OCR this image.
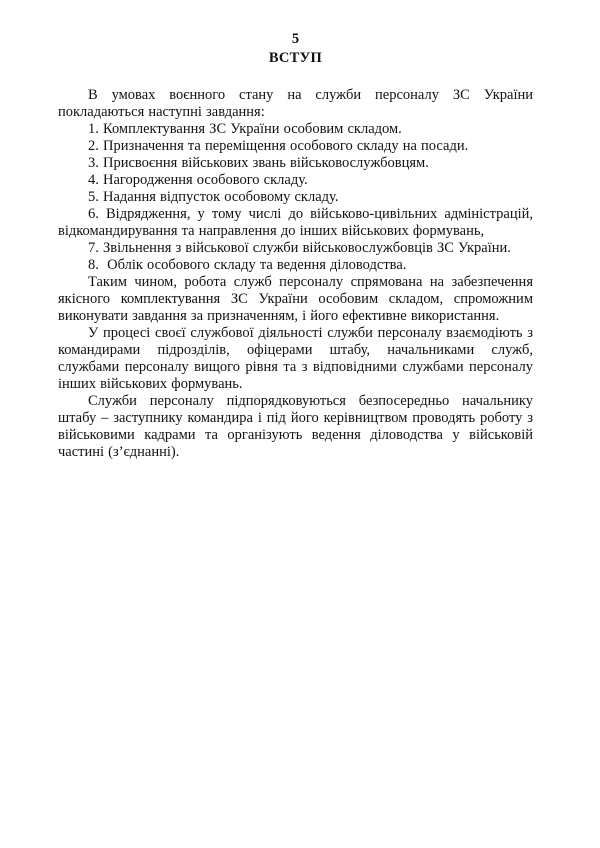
5
ВСТУП

В умовах воєнного стану на служби персоналу ЗС України покладаються наступні завдання:

1. Комплектування ЗС України особовим складом.

2. Призначення та переміщення особового складу на посади.

3. Присвоєння військових звань військовослужбовцям.

4. Нагородження особового складу.

5. Надання відпусток особовому складу.

6. Відрядження, у тому числі до військово-цивільних адміністрацій, відкомандирування та направлення до інших військових формувань,

7. Звільнення з військової служби військовослужбовців ЗС України.

8.  Облік особового складу та ведення діловодства.

Таким чином, робота служб персоналу спрямована на забезпечення якісного комплектування ЗС України особовим складом, спроможним виконувати завдання за призначенням, і його ефективне використання.

У процесі своєї службової діяльності служби персоналу взаємодіють з командирами підрозділів, офіцерами штабу, начальниками служб, службами персоналу вищого рівня та з відповідними службами персоналу інших військових формувань.

Служби персоналу підпорядковуються безпосередньо начальнику штабу – заступнику командира і під його керівництвом проводять роботу з військовими кадрами та організують ведення діловодства у військовій частині (з’єднанні).
